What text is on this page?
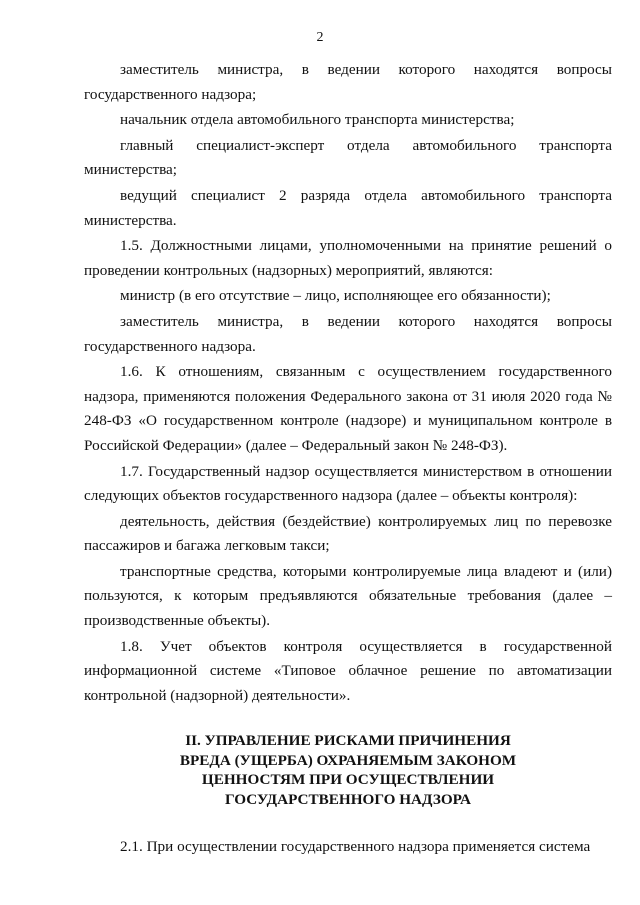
2

заместитель министра, в ведении которого находятся вопросы государственного надзора;

начальник отдела автомобильного транспорта министерства;

главный специалист-эксперт отдела автомобильного транспорта министерства;

ведущий специалист 2 разряда отдела автомобильного транспорта министерства.

1.5. Должностными лицами, уполномоченными на принятие решений о проведении контрольных (надзорных) мероприятий, являются:

министр (в его отсутствие – лицо, исполняющее его обязанности);

заместитель министра, в ведении которого находятся вопросы государственного надзора.

1.6. К отношениям, связанным с осуществлением государственного надзора, применяются положения Федерального закона от 31 июля 2020 года № 248-ФЗ «О государственном контроле (надзоре) и муниципальном контроле в Российской Федерации» (далее – Федеральный закон № 248-ФЗ).

1.7. Государственный надзор осуществляется министерством в отношении следующих объектов государственного надзора (далее – объекты контроля):

деятельность, действия (бездействие) контролируемых лиц по перевозке пассажиров и багажа легковым такси;

транспортные средства, которыми контролируемые лица владеют и (или) пользуются, к которым предъявляются обязательные требования (далее – производственные объекты).

1.8. Учет объектов контроля осуществляется в государственной информационной системе «Типовое облачное решение по автоматизации контрольной (надзорной) деятельности».

II. УПРАВЛЕНИЕ РИСКАМИ ПРИЧИНЕНИЯ
ВРЕДА (УЩЕРБА) ОХРАНЯЕМЫМ ЗАКОНОМ
ЦЕННОСТЯМ ПРИ ОСУЩЕСТВЛЕНИИ
ГОСУДАРСТВЕННОГО НАДЗОРА

2.1. При осуществлении государственного надзора применяется система
